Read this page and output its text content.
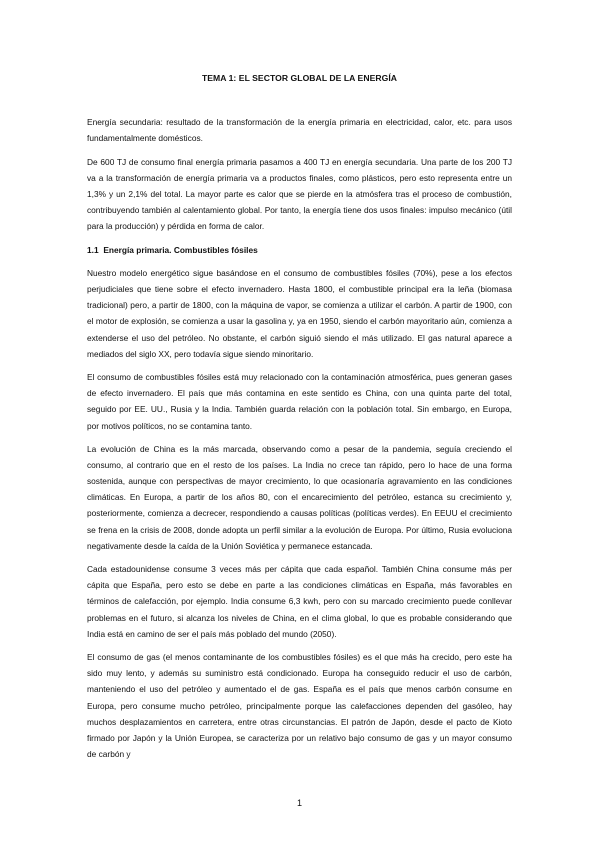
TEMA 1: EL SECTOR GLOBAL DE LA ENERGÍA

Energía secundaria: resultado de la transformación de la energía primaria en electricidad, calor, etc. para usos fundamentalmente domésticos.

De 600 TJ de consumo final energía primaria pasamos a 400 TJ en energía secundaria. Una parte de los 200 TJ va a la transformación de energía primaria va a productos finales, como plásticos, pero esto representa entre un 1,3% y un 2,1% del total. La mayor parte es calor que se pierde en la atmósfera tras el proceso de combustión, contribuyendo también al calentamiento global. Por tanto, la energía tiene dos usos finales: impulso mecánico (útil para la producción) y pérdida en forma de calor.

1.1 Energía primaria. Combustibles fósiles

Nuestro modelo energético sigue basándose en el consumo de combustibles fósiles (70%), pese a los efectos perjudiciales que tiene sobre el efecto invernadero. Hasta 1800, el combustible principal era la leña (biomasa tradicional) pero, a partir de 1800, con la máquina de vapor, se comienza a utilizar el carbón. A partir de 1900, con el motor de explosión, se comienza a usar la gasolina y, ya en 1950, siendo el carbón mayoritario aún, comienza a extenderse el uso del petróleo. No obstante, el carbón siguió siendo el más utilizado. El gas natural aparece a mediados del siglo XX, pero todavía sigue siendo minoritario.

El consumo de combustibles fósiles está muy relacionado con la contaminación atmosférica, pues generan gases de efecto invernadero. El país que más contamina en este sentido es China, con una quinta parte del total, seguido por EE. UU., Rusia y la India. También guarda relación con la población total. Sin embargo, en Europa, por motivos políticos, no se contamina tanto.

La evolución de China es la más marcada, observando como a pesar de la pandemia, seguía creciendo el consumo, al contrario que en el resto de los países. La India no crece tan rápido, pero lo hace de una forma sostenida, aunque con perspectivas de mayor crecimiento, lo que ocasionaría agravamiento en las condiciones climáticas. En Europa, a partir de los años 80, con el encarecimiento del petróleo, estanca su crecimiento y, posteriormente, comienza a decrecer, respondiendo a causas políticas (políticas verdes). En EEUU el crecimiento se frena en la crisis de 2008, donde adopta un perfil similar a la evolución de Europa. Por último, Rusia evoluciona negativamente desde la caída de la Unión Soviética y permanece estancada.

Cada estadounidense consume 3 veces más per cápita que cada español. También China consume más per cápita que España, pero esto se debe en parte a las condiciones climáticas en España, más favorables en términos de calefacción, por ejemplo. India consume 6,3 kwh, pero con su marcado crecimiento puede conllevar problemas en el futuro, si alcanza los niveles de China, en el clima global, lo que es probable considerando que India está en camino de ser el país más poblado del mundo (2050).

El consumo de gas (el menos contaminante de los combustibles fósiles) es el que más ha crecido, pero este ha sido muy lento, y además su suministro está condicionado. Europa ha conseguido reducir el uso de carbón, manteniendo el uso del petróleo y aumentado el de gas. España es el país que menos carbón consume en Europa, pero consume mucho petróleo, principalmente porque las calefacciones dependen del gasóleo, hay muchos desplazamientos en carretera, entre otras circunstancias. El patrón de Japón, desde el pacto de Kioto firmado por Japón y la Unión Europea, se caracteriza por un relativo bajo consumo de gas y un mayor consumo de carbón y

1
